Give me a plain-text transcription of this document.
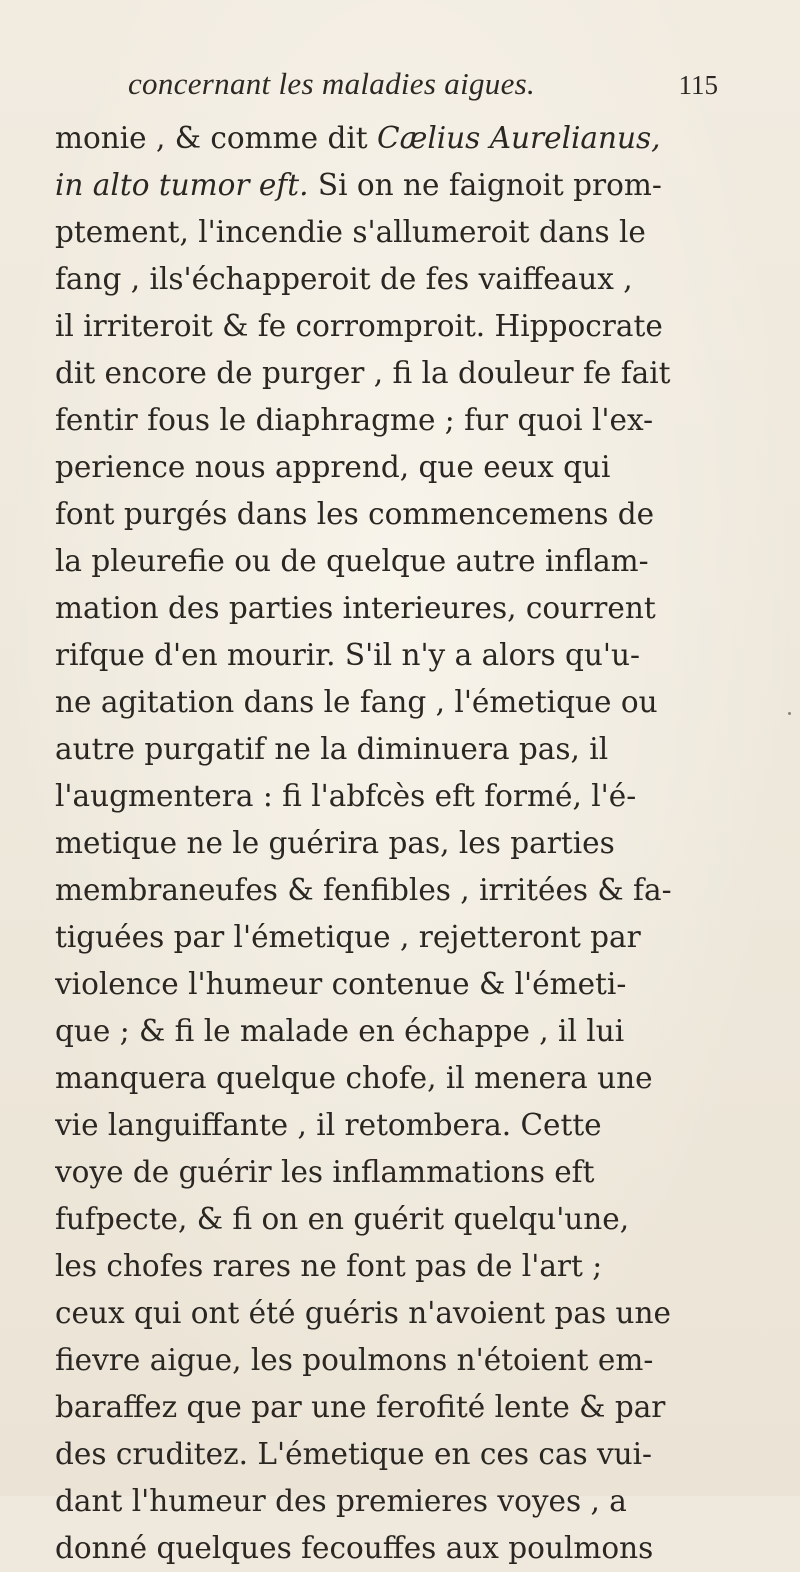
concernant les maladies aigues.	115
monie , & comme dit Cælius Aurelianus,
in alto tumor eft. Si on ne faignoit prom-
ptement, l'incendie s'allumeroit dans le
fang , ils'échapperoit de fes vaiffeaux ,
il irriteroit & fe corromproit. Hippocrate
dit encore de purger , fi la douleur fe fait
fentir fous le diaphragme ; fur quoi l'ex-
perience nous apprend, que eeux qui
font purgés dans les commencemens de
la pleurefie ou de quelque autre inflam-
mation des parties interieures, courrent
rifque d'en mourir. S'il n'y a alors qu'u-
ne agitation dans le fang , l'émetique ou
autre purgatif ne la diminuera pas, il
l'augmentera : fi l'abfcès eft formé, l'é-
metique ne le guérira pas, les parties
membraneufes & fenfibles , irritées & fa-
tiguées par l'émetique , rejetteront par
violence l'humeur contenue & l'émeti-
que ; & fi le malade en échappe , il lui
manquera quelque chofe, il menera une
vie languiffante , il retombera. Cette
voye de guérir les inflammations eft
fufpecte, & fi on en guérit quelqu'une,
les chofes rares ne font pas de l'art ;
ceux qui ont été guéris n'avoient pas une
fievre aigue, les poulmons n'étoient em-
baraffez que par une ferofité lente & par
des cruditez. L'émetique en ces cas vui-
dant l'humeur des premieres voyes , a
donné quelques fecouffes aux poulmons
